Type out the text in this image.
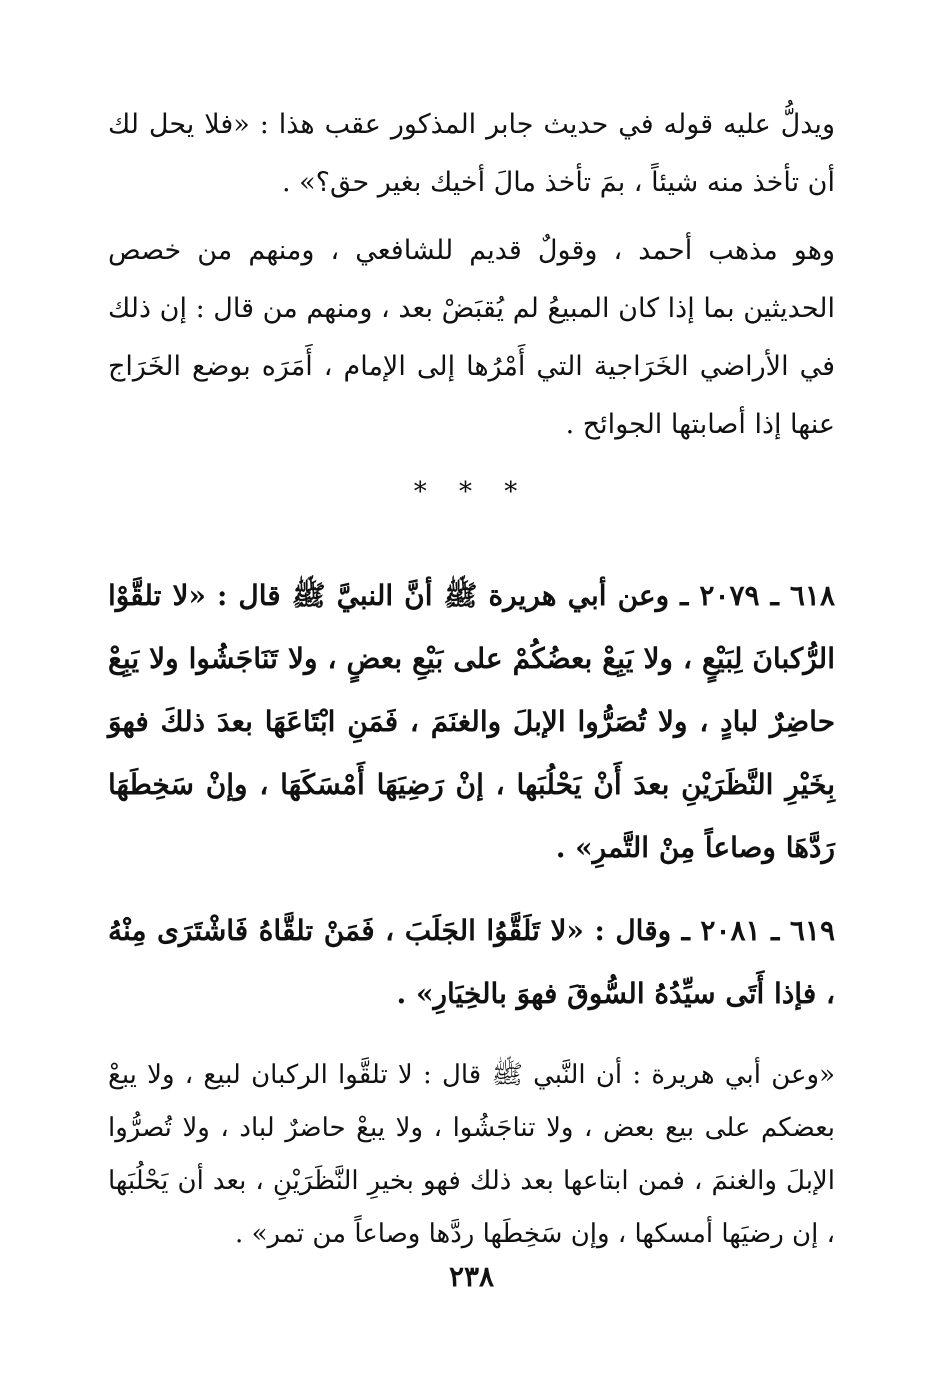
ويدلُّ عليه قوله في حديث جابر المذكور عقب هذا : «فلا يحل لك أن تأخذ منه شيئاً ، بمَ تأخذ مالَ أخيك بغير حق؟» .

وهو مذهب أحمد ، وقولٌ قديم للشافعي ، ومنهم من خصص الحديثين بما إذا كان المبيعُ لم يُقبَضْ بعد ، ومنهم من قال : إن ذلك في الأراضي الخَرَاجية التي أَمْرُها إلى الإمام ، أَمَرَه بوضع الخَرَاج عنها إذا أصابتها الجوائح .

* * *

٦١٨ ـ ٢٠٧٩ ـ وعن أبي هريرة ﷺ أنَّ النبيَّ ﷺ قال : «لا تلقَّوْا الرُّكبانَ لِبَيْعٍ ، ولا يَبِعْ بعضُكُمْ على بَيْعِ بعضٍ ، ولا تَنَاجَشُوا ولا يَبِعْ حاضِرٌ لبادٍ ، ولا تُصَرُّوا الإبلَ والغنَمَ ، فَمَنِ ابْتَاعَهَا بعدَ ذلكَ فهوَ بِخَيْرِ النَّظَرَيْنِ بعدَ أَنْ يَحْلُبَها ، إنْ رَضِيَهَا أَمْسَكَهَا ، وإنْ سَخِطَهَا رَدَّهَا وصاعاً مِنْ التَّمرِ» .

٦١٩ ـ ٢٠٨١ ـ وقال : «لا تَلَقَّوُا الجَلَبَ ، فَمَنْ تلقَّاهُ فَاشْتَرَى مِنْهُ ، فإذا أَتَى سيِّدُهُ السُّوقَ فهوَ بالخِيَارِ» .

«وعن أبي هريرة : أن النَّبي ﷺ قال : لا تلقَّوا الركبان لبيع ، ولا يبعْ بعضكم على بيع بعض ، ولا تناجَشُوا ، ولا يبعْ حاضرٌ لباد ، ولا تُصرُّوا الإبلَ والغنمَ ، فمن ابتاعها بعد ذلك فهو بخيرِ النَّظَرَيْنِ ، بعد أن يَحْلُبَها ، إن رضيَها أمسكها ، وإن سَخِطَها ردَّها وصاعاً من تمر» .

٢٣٨
